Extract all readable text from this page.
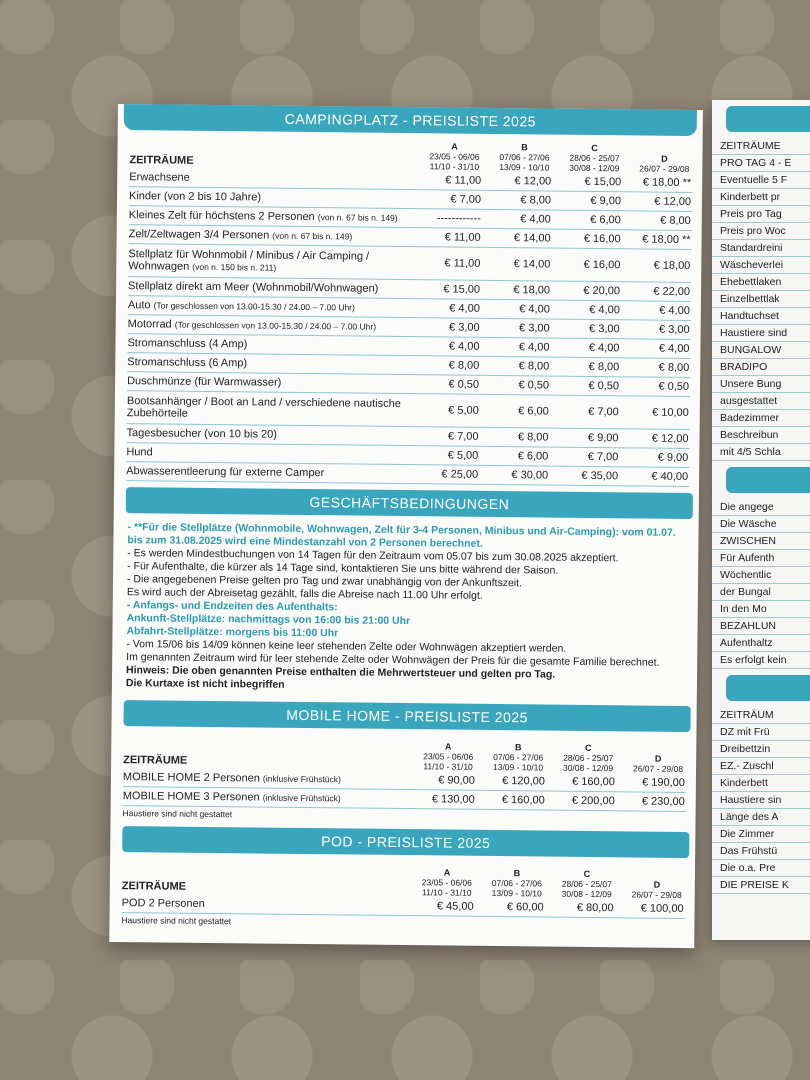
CAMPINGPLATZ - PREISLISTE 2025
ZEITRÄUME
A
23/05 - 06/06
11/10 - 31/10
B
07/06 - 27/06
13/09 - 10/10
C
28/06 - 25/07
30/08 - 12/09
D
26/07 - 29/08

Erwachsene	€ 11,00	€ 12,00	€ 15,00	€ 18,00 **
Kinder (von 2 bis 10 Jahre)	€ 7,00	€ 8,00	€ 9,00	€ 12,00
Kleines Zelt für höchstens 2 Personen (von n. 67 bis n. 149)	------------	€ 4,00	€ 6,00	€ 8,00
Zelt/Zeltwagen 3/4 Personen (von n. 67 bis n. 149)	€ 11,00	€ 14,00	€ 16,00	€ 18,00 **
Stellplatz für Wohnmobil / Minibus / Air Camping / Wohnwagen (von n. 150 bis n. 211)	€ 11,00	€ 14,00	€ 16,00	€ 18,00
Stellplatz direkt am Meer (Wohnmobil/Wohnwagen)	€ 15,00	€ 18,00	€ 20,00	€ 22,00
Auto (Tor geschlossen von 13.00-15.30 / 24.00 – 7.00 Uhr)	€ 4,00	€ 4,00	€ 4,00	€ 4,00
Motorrad (Tor geschlossen von 13.00-15.30 / 24.00 – 7.00 Uhr)	€ 3,00	€ 3,00	€ 3,00	€ 3,00
Stromanschluss (4 Amp)	€ 4,00	€ 4,00	€ 4,00	€ 4,00
Stromanschluss (6 Amp)	€ 8,00	€ 8,00	€ 8,00	€ 8,00
Duschmünze (für Warmwasser)	€ 0,50	€ 0,50	€ 0,50	€ 0,50
Bootsanhänger / Boot an Land / verschiedene nautische Zubehörteile	€ 5,00	€ 6,00	€ 7,00	€ 10,00
Tagesbesucher (von 10 bis 20)	€ 7,00	€ 8,00	€ 9,00	€ 12,00
Hund	€ 5,00	€ 6,00	€ 7,00	€ 9,00
Abwasserentleerung für externe Camper	€ 25,00	€ 30,00	€ 35,00	€ 40,00
GESCHÄFTSBEDINGUNGEN
- **Für die Stellplätze (Wohnmobile, Wohnwagen, Zelt für 3-4 Personen, Minibus und Air-Camping): vom 01.07. bis zum 31.08.2025 wird eine Mindestanzahl von 2 Personen berechnet.
- Es werden Mindestbuchungen von 14 Tagen für den Zeitraum vom 05.07 bis zum 30.08.2025 akzeptiert.
- Für Aufenthalte, die kürzer als 14 Tage sind, kontaktieren Sie uns bitte während der Saison.
- Die angegebenen Preise gelten pro Tag und zwar unabhängig von der Ankunftszeit.
Es wird auch der Abreisetag gezählt, falls die Abreise nach 11.00 Uhr erfolgt.
- Anfangs- und Endzeiten des Aufenthalts:
Ankunft-Stellplätze: nachmittags von 16:00 bis 21:00 Uhr
Abfahrt-Stellplätze: morgens bis 11:00 Uhr
- Vom 15/06 bis 14/09 können keine leer stehenden Zelte oder Wohnwägen akzeptiert werden.
Im genannten Zeitraum wird für leer stehende Zelte oder Wohnwägen der Preis für die gesamte Familie berechnet.
Hinweis: Die oben genannten Preise enthalten die Mehrwertsteuer und gelten pro Tag.
Die Kurtaxe ist nicht inbegriffen
MOBILE HOME - PREISLISTE 2025
ZEITRÄUME
A
23/05 - 06/06
11/10 - 31/10
B
07/06 - 27/06
13/09 - 10/10
C
28/06 - 25/07
30/08 - 12/09
D
26/07 - 29/08

MOBILE HOME 2 Personen (inklusive Frühstück)	€ 90,00	€ 120,00	€ 160,00	€ 190,00
MOBILE HOME 3 Personen (inklusive Frühstück)	€ 130,00	€ 160,00	€ 200,00	€ 230,00
Haustiere sind nicht gestattet
POD - PREISLISTE 2025
ZEITRÄUME
A
23/05 - 06/06
11/10 - 31/10
B
07/06 - 27/06
13/09 - 10/10
C
28/06 - 25/07
30/08 - 12/09
D
26/07 - 29/08

POD 2 Personen	€ 45,00	€ 60,00	€ 80,00	€ 100,00
Haustiere sind nicht gestattet
ZEITRÄUME
PRO TAG 4 - E
Eventuelle 5 F
Kinderbett pr
Preis pro Tag
Preis pro Woc
Standardreini
Wäscheverlei
Ehebettlaken
Einzelbettlak
Handtuchset
Haustiere sind
BUNGALOW
BRADIPO
Unsere Bung
ausgestattet
Badezimmer
Beschreibun
mit 4/5 Schla
Die angege
Die Wäsche
ZWISCHEN
Für Aufenth
Wöchentlic
der Bungal
In den Mo
BEZAHLUN
Aufenthaltz
Es erfolgt kein
ZEITRÄUM
DZ mit Frü
Dreibettzin
EZ.- Zuschl
Kinderbett
Haustiere sin
Länge des A
Die Zimmer
Das Frühstü
Die o.a. Pre
DIE PREISE K
